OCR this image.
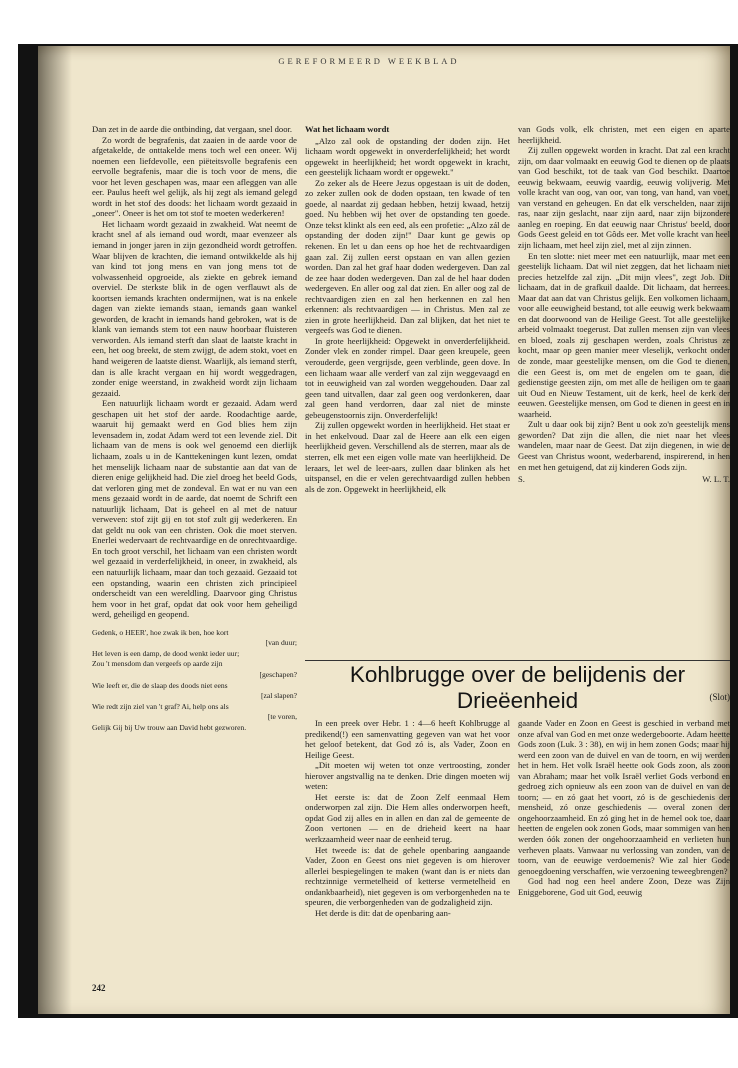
GEREFORMEERD WEEKBLAD

Dan zet in de aarde die ontbinding, dat vergaan, snel door.

Zo wordt de begrafenis, dat zaaien in de aarde voor de afgetakelde, de onttakelde mens toch wel een oneer. Wij noemen een liefdevolle, een piëteitsvolle begrafenis een eervolle begrafenis, maar die is toch voor de mens, die voor het leven geschapen was, maar een afleggen van alle eer. Paulus heeft wel gelijk, als hij zegt als iemand gelegd wordt in het stof des doods: het lichaam wordt gezaaid in „oneer". Oneer is het om tot stof te moeten wederkeren!

Het lichaam wordt gezaaid in zwakheid. Wat neemt de kracht snel af als iemand oud wordt, maar evenzeer als iemand in jonger jaren in zijn gezondheid wordt getroffen. Waar blijven de krachten, die iemand ontwikkelde als hij van kind tot jong mens en van jong mens tot de volwassenheid opgroeide, als ziekte en gebrek iemand overviel. De sterkste blik in de ogen verflauwt als de koortsen iemands krachten ondermijnen, wat is na enkele dagen van ziekte iemands staan, iemands gaan wankel geworden, de kracht in iemands hand gebroken, wat is de klank van iemands stem tot een nauw hoorbaar fluisteren verworden. Als iemand sterft dan slaat de laatste kracht in een, het oog breekt, de stem zwijgt, de adem stokt, voet en hand weigeren de laatste dienst. Waarlijk, als iemand sterft, dan is alle kracht vergaan en hij wordt weggedragen, zonder enige weerstand, in zwakheid wordt zijn lichaam gezaaid.

Een natuurlijk lichaam wordt er gezaaid. Adam werd geschapen uit het stof der aarde. Roodachtige aarde, waaruit hij gemaakt werd en God blies hem zijn levensadem in, zodat Adam werd tot een levende ziel. Dit lichaam van de mens is ook wel genoemd een dierlijk lichaam, zoals u in de Kanttekeningen kunt lezen, omdat het menselijk lichaam naar de substantie aan dat van de dieren enige gelijkheid had. Die ziel droeg het beeld Gods, dat verloren ging met de zondeval. En wat er nu van een mens gezaaid wordt in de aarde, dat noemt de Schrift een natuurlijk lichaam, Dat is geheel en al met de natuur verweven: stof zijt gij en tot stof zult gij wederkeren. En dat geldt nu ook van een christen. Ook die moet sterven. Enerlei wedervaart de rechtvaardige en de onrechtvaardige. En toch groot verschil, het lichaam van een christen wordt wel gezaaid in verderfelijkheid, in oneer, in zwakheid, als een natuurlijk lichaam, maar dan toch gezaaid. Gezaaid tot een opstanding, waarin een christen zich principieel onderscheidt van een wereldling. Daarvoor ging Christus hem voor in het graf, opdat dat ook voor hem geheiligd werd, geheiligd en geopend.

Gedenk, o HEER', hoe zwak ik ben, hoe kort
[van duur;
Het leven is een damp, de dood wenkt ieder uur;
Zou 't mensdom dan vergeefs op aarde zijn
[geschapen?
Wie leeft er, die de slaap des doods niet eens
[zal slapen?
Wie redt zijn ziel van 't graf? Ai, help ons als
[te voren,
Gelijk Gij bij Uw trouw aan David hebt gezworen.
Wat het lichaam wordt

„Alzo zal ook de opstanding der doden zijn. Het lichaam wordt opgewekt in onverderfelijkheid; het wordt opgewekt in heerlijkheid; het wordt opgewekt in kracht, een geestelijk lichaam wordt er opgewekt."

Zo zeker als de Heere Jezus opgestaan is uit de doden, zo zeker zullen ook de doden opstaan, ten kwade of ten goede, al naardat zij gedaan hebben, hetzij kwaad, hetzij goed. Nu hebben wij het over de opstanding ten goede. Onze tekst klinkt als een eed, als een profetie: „Alzo zál de opstanding der doden zijn!" Daar kunt ge gewis op rekenen. En let u dan eens op hoe het de rechtvaardigen gaan zal. Zij zullen eerst opstaan en van allen gezien worden. Dan zal het graf haar doden wedergeven. Dan zal de zee haar doden wedergeven. Dan zal de hel haar doden wedergeven. En aller oog zal dat zien. En aller oog zal de rechtvaardigen zien en zal hen herkennen en zal hen erkennen: als rechtvaardigen — in Christus. Men zal ze zien in grote heerlijkheid. Dan zal blijken, dat het niet te vergeefs was God te dienen.

In grote heerlijkheid: Opgewekt in onverderfelijkheid. Zonder vlek en zonder rimpel. Daar geen kreupele, geen verouderde, geen vergrijsde, geen verblinde, geen dove. In een lichaam waar alle verderf van zal zijn weggevaagd en tot in eeuwigheid van zal worden weggehouden. Daar zal geen tand uitvallen, daar zal geen oog verdonkeren, daar zal geen hand verdorren, daar zal niet de minste gebeugenstoornis zijn. Onverderfelijk!

Zij zullen opgewekt worden in heerlijkheid. Het staat er in het enkelvoud. Daar zal de Heere aan elk een eigen heerlijkheid geven. Verschillend als de sterren, maar als de sterren, elk met een eigen volle mate van heerlijkheid. De leraars, let wel de leer-aars, zullen daar blinken als het uitspansel, en die er velen gerechtvaardigd zullen hebben als de zon. Opgewekt in heerlijkheid, elk

van Gods volk, elk christen, met een eigen en aparte heerlijkheid.

Zij zullen opgewekt worden in kracht. Dat zal een kracht zijn, om daar volmaakt en eeuwig God te dienen op de plaats van God beschikt, tot de taak van God beschikt. Daartoe eeuwig bekwaam, eeuwig vaardig, eeuwig volijverig. Met volle kracht van oog, van oor, van tong, van hand, van voet, van verstand en geheugen. En dat elk verschelden, naar zijn ras, naar zijn geslacht, naar zijn aard, naar zijn bijzondere aanleg en roeping. En dat eeuwig naar Christus' beeld, door Gods Geest geleid en tot Gôds eer. Met volle kracht van heel zijn lichaam, met heel zijn ziel, met al zijn zinnen.

En ten slotte: niet meer met een natuurlijk, maar met een geestelijk lichaam. Dat wil niet zeggen, dat het lichaam niet precies hetzelfde zal zijn. „Dit mijn vlees", zegt Job. Dit lichaam, dat in de grafkuil daalde. Dit lichaam, dat herrees. Maar dat aan dat van Christus gelijk. Een volkomen lichaam, voor alle eeuwigheid bestand, tot alle eeuwig werk bekwaam en dat doorwoond van de Heilige Geest. Tot alle geestelijke arbeid volmaakt toegerust. Dat zullen mensen zijn van vlees en bloed, zoals zij geschapen werden, zoals Christus ze kocht, maar op geen manier meer vleselijk, verkocht onder de zonde, maar geestelijke mensen, om die God te dienen, die een Geest is, om met de engelen om te gaan, die gedienstige geesten zijn, om met alle de heiligen om te gaan uit Oud en Nieuw Testament, uit de kerk, heel de kerk der eeuwen. Geestelijke mensen, om God te dienen in geest en in waarheid.

Zult u daar ook bij zijn? Bent u ook zo'n geestelijk mens geworden? Dat zijn die allen, die niet naar het vlees wandelen, maar naar de Geest. Dat zijn diegenen, in wie de Geest van Christus woont, wederbarend, inspirerend, in hen en met hen getuigend, dat zij kinderen Gods zijn.

S.	W. L. T.
Kohlbrugge over de belijdenis der
Drieëenheid	(Slot)

In een preek over Hebr. 1 : 4—6 heeft Kohlbrugge al predikend(!) een samenvatting gegeven van wat het voor het geloof betekent, dat God zó is, als Vader, Zoon en Heilige Geest.

„Dit moeten wij weten tot onze vertroosting, zonder hierover angstvallig na te denken. Drie dingen moeten wij weten:

Het eerste is: dat de Zoon Zelf eenmaal Hem onderworpen zal zijn. Die Hem alles onderworpen heeft, opdat God zij alles en in allen en dan zal de gemeente de Zoon vertonen — en de drieheid keert na haar werkzaamheid weer naar de eenheid terug.

Het tweede is: dat de gehele openbaring aangaande Vader, Zoon en Geest ons niet gegeven is om hierover allerlei bespiegelingen te maken (want dan is er niets dan rechtzinnige vermetelheid of ketterse vermetelheid en ondankbaarheid), niet gegeven is om verborgenheden na te speuren, die verborgenheden van de godzaligheid zijn.

Het derde is dit: dat de openbaring aan-

gaande Vader en Zoon en Geest is geschied in verband met onze afval van God en met onze wedergeboorte. Adam heette Gods zoon (Luk. 3 : 38), en wij in hem zonen Gods; maar hij werd een zoon van de duivel en van de toorn, en wij werden het in hem. Het volk Israël heette ook Gods zoon, als zoon van Abraham; maar het volk Israël verliet Gods verbond en gedroeg zich opnieuw als een zoon van de duivel en van de toorn; — en zó gaat het voort, zó is de geschiedenis der mensheid, zó onze geschiedenis — overal zonen der ongehoorzaamheid. En zó ging het in de hemel ook toe, daar heetten de engelen ook zonen Gods, maar sommigen van hen werden óók zonen der ongehoorzaamheid en verlieten hun verheven plaats. Vanwaar nu verlossing van zonden, van de toorn, van de eeuwige verdoemenis? Wie zal hier Gode genoegdoening verschaffen, wie verzoening teweegbrengen?

God had nog een heel andere Zoon, Deze was Zijn Eniggeborene, God uit God, eeuwig

242
